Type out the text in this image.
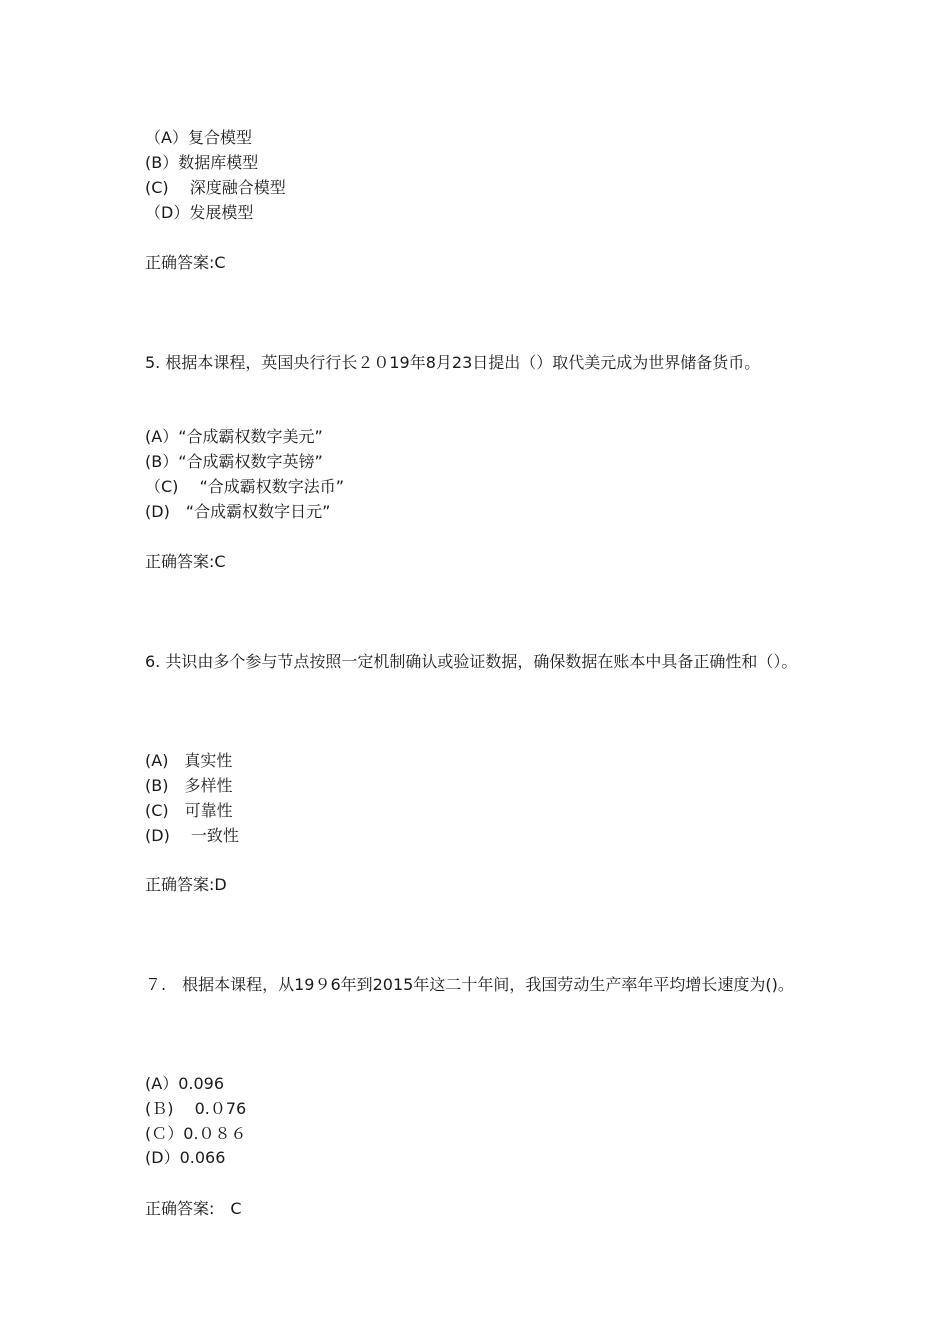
（A）复合模型
(B）数据库模型
(C)　 深度融合模型
（D）发展模型
正确答案:C
5. 根据本课程，英国央行行长２０19年8月23日提出（）取代美元成为世界储备货币。
(A）“合成霸权数字美元”
(B）“合成霸权数字英镑”
（C)　 “合成霸权数字法币”
(D)　“合成霸权数字日元”
正确答案:C
6. 共识由多个参与节点按照一定机制确认或验证数据，确保数据在账本中具备正确性和（）。
(A)　真实性
(B)　多样性
(C)　可靠性
(D)　 一致性
正确答案:D
７.　根据本课程，从19９6年到2015年这二十年间，我国劳动生产率年平均增长速度为()。
(A）0.096
(Ｂ)　 0.０76
(Ｃ）0.０８６
(D）0.066
正确答案:　C
